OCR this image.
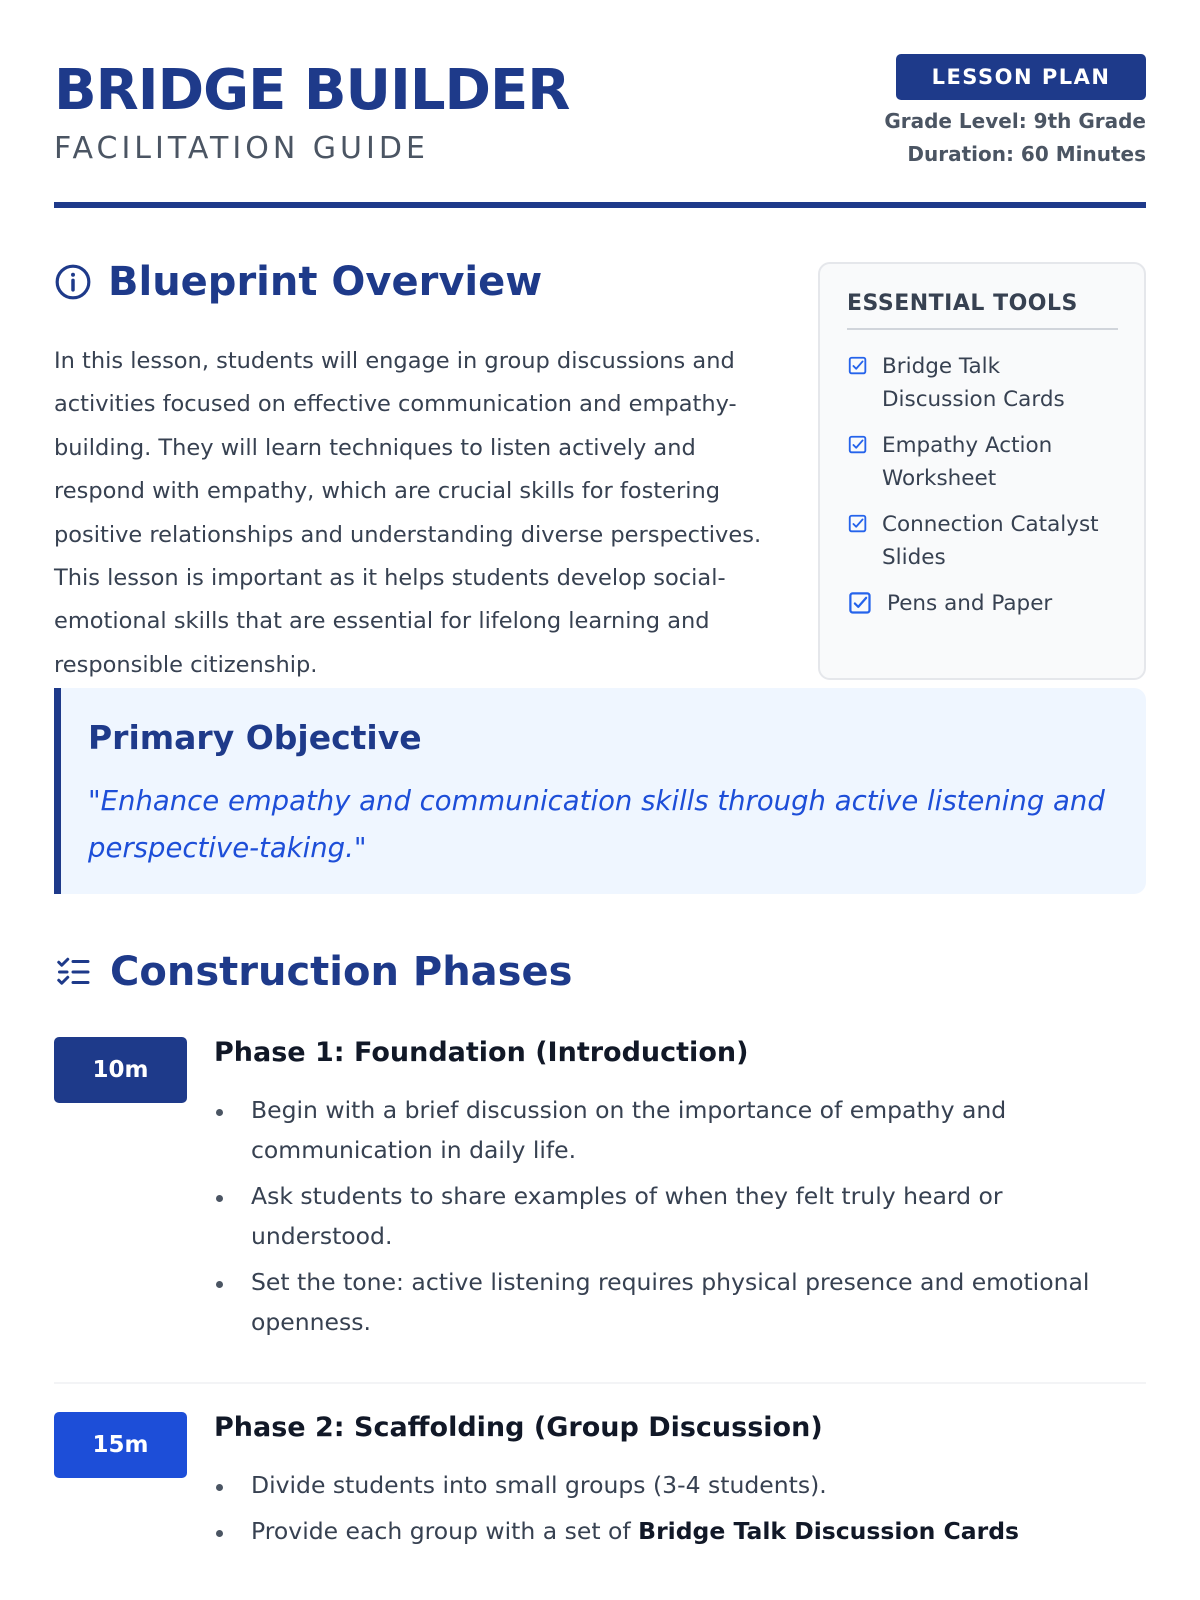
BRIDGE BUILDER
FACILITATION GUIDE
LESSON PLAN
Grade Level: 9th Grade
Duration: 60 Minutes
Blueprint Overview

In this lesson, students will engage in group discussions and activities focused on effective communication and empathy-building. They will learn techniques to listen actively and respond with empathy, which are crucial skills for fostering positive relationships and understanding diverse perspectives. This lesson is important as it helps students develop social-emotional skills that are essential for lifelong learning and responsible citizenship.

ESSENTIAL TOOLS
Bridge Talk Discussion Cards
Empathy Action Worksheet
Connection Catalyst Slides
Pens and Paper
Primary Objective

"Enhance empathy and communication skills through active listening and perspective-taking."

Construction Phases
10m
Phase 1: Foundation (Introduction)
Begin with a brief discussion on the importance of empathy and communication in daily life.
Ask students to share examples of when they felt truly heard or understood.
Set the tone: active listening requires physical presence and emotional openness.
15m
Phase 2: Scaffolding (Group Discussion)
Divide students into small groups (3-4 students).
Provide each group with a set of Bridge Talk Discussion Cards
